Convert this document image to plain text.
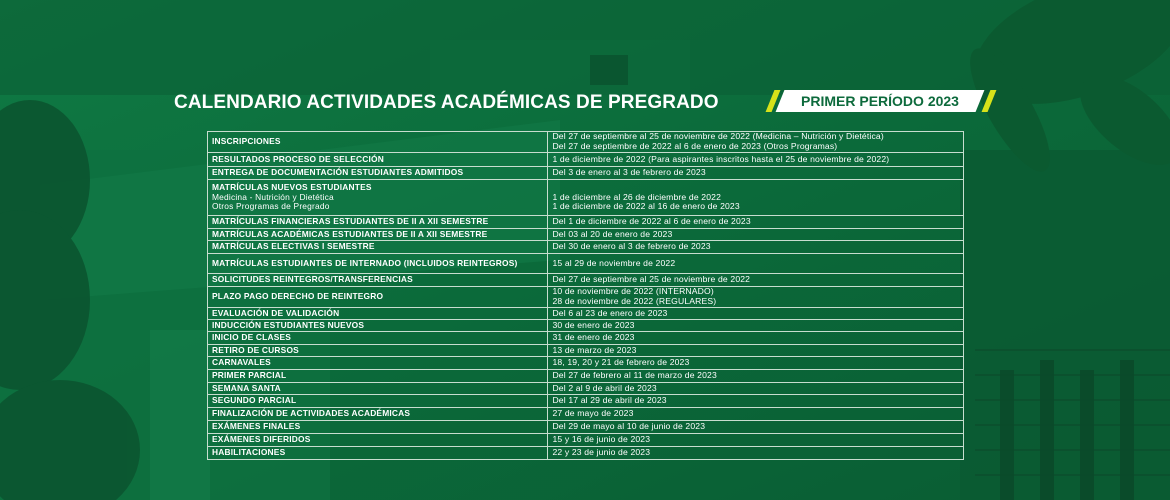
CALENDARIO ACTIVIDADES ACADÉMICAS DE PREGRADO	PRIMER PERÍODO 2023
INSCRIPCIONES	Del 27 de septiembre al 25 de noviembre de 2022 (Medicina – Nutrición y Dietética)
Del 27 de septiembre de 2022 al 6 de enero de 2023 (Otros Programas)

RESULTADOS PROCESO DE SELECCIÓN	1 de diciembre de 2022 (Para aspirantes inscritos hasta el 25 de noviembre de 2022)

ENTREGA DE DOCUMENTACIÓN ESTUDIANTES ADMITIDOS	Del 3 de enero al 3 de febrero de 2023

MATRÍCULAS NUEVOS ESTUDIANTES
Medicina - Nutrición y Dietética
Otros Programas de Pregrado	1 de diciembre al 26 de diciembre de 2022
1 de diciembre de 2022 al 16 de enero de 2023

MATRÍCULAS FINANCIERAS ESTUDIANTES DE II A XII SEMESTRE	Del 1 de diciembre de 2022 al 6 de enero de 2023

MATRÍCULAS ACADÉMICAS ESTUDIANTES DE II A XII SEMESTRE	Del 03 al 20 de enero de 2023

MATRÍCULAS ELECTIVAS I SEMESTRE	Del 30 de enero al 3 de febrero de 2023

MATRÍCULAS ESTUDIANTES DE INTERNADO (INCLUIDOS REINTEGROS)	15 al 29 de noviembre de 2022

SOLICITUDES REINTEGROS/TRANSFERENCIAS	Del 27 de septiembre al 25 de noviembre de 2022

PLAZO PAGO DERECHO DE REINTEGRO	10 de noviembre de 2022 (INTERNADO)
28 de noviembre de 2022 (REGULARES)

EVALUACIÓN DE VALIDACIÓN	Del 6 al 23 de enero de 2023

INDUCCIÓN ESTUDIANTES NUEVOS	30 de enero de 2023

INICIO DE CLASES	31 de enero de 2023

RETIRO DE CURSOS	13 de marzo de 2023

CARNAVALES	18, 19, 20 y 21 de febrero de 2023

PRIMER PARCIAL	Del 27 de febrero al 11 de marzo de 2023

SEMANA SANTA	Del 2 al 9 de abril de 2023

SEGUNDO PARCIAL	Del 17 al 29 de abril de 2023

FINALIZACIÓN DE ACTIVIDADES ACADÉMICAS	27 de mayo de 2023

EXÁMENES FINALES	Del 29 de mayo al 10 de junio de 2023

EXÁMENES DIFERIDOS	15 y 16 de junio de 2023

HABILITACIONES	22 y 23 de junio de 2023
